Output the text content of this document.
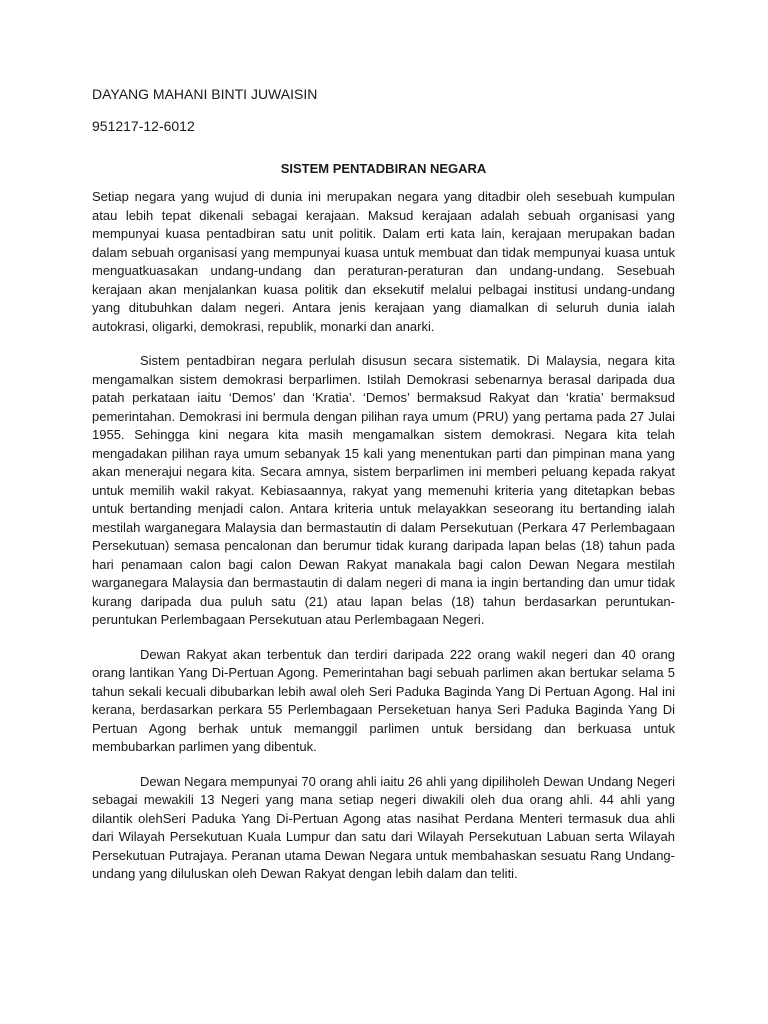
DAYANG MAHANI BINTI JUWAISIN

951217-12-6012

SISTEM PENTADBIRAN NEGARA

Setiap negara yang wujud di dunia ini merupakan negara yang ditadbir oleh sesebuah kumpulan atau lebih tepat dikenali sebagai kerajaan. Maksud kerajaan adalah sebuah organisasi yang mempunyai kuasa pentadbiran satu unit politik. Dalam erti kata lain, kerajaan merupakan badan dalam sebuah organisasi yang mempunyai kuasa untuk membuat dan tidak mempunyai kuasa untuk menguatkuasakan undang-undang dan peraturan-peraturan dan undang-undang. Sesebuah kerajaan akan menjalankan kuasa politik dan eksekutif melalui pelbagai institusi undang-undang yang ditubuhkan dalam negeri. Antara jenis kerajaan yang diamalkan di seluruh dunia ialah autokrasi, oligarki, demokrasi, republik, monarki dan anarki.

Sistem pentadbiran negara perlulah disusun secara sistematik. Di Malaysia, negara kita mengamalkan sistem demokrasi berparlimen. Istilah Demokrasi sebenarnya berasal daripada dua patah perkataan iaitu ‘Demos’ dan ‘Kratia’. ‘Demos’ bermaksud Rakyat dan ‘kratia’ bermaksud pemerintahan. Demokrasi ini bermula dengan pilihan raya umum (PRU) yang pertama pada 27 Julai 1955. Sehingga kini negara kita masih mengamalkan sistem demokrasi. Negara kita telah mengadakan pilihan raya umum sebanyak 15 kali yang menentukan parti dan pimpinan mana yang akan menerajui negara kita. Secara amnya, sistem berparlimen ini memberi peluang kepada rakyat untuk memilih wakil rakyat. Kebiasaannya, rakyat yang memenuhi kriteria yang ditetapkan bebas untuk bertanding menjadi calon. Antara kriteria untuk melayakkan seseorang itu bertanding ialah mestilah warganegara Malaysia dan bermastautin di dalam Persekutuan (Perkara 47 Perlembagaan Persekutuan) semasa pencalonan dan berumur tidak kurang daripada lapan belas (18) tahun pada hari penamaan calon bagi calon Dewan Rakyat manakala bagi calon Dewan Negara mestilah warganegara Malaysia dan bermastautin di dalam negeri di mana ia ingin bertanding dan umur tidak kurang daripada dua puluh satu (21) atau lapan belas (18) tahun berdasarkan peruntukan-peruntukan Perlembagaan Persekutuan atau Perlembagaan Negeri.

Dewan Rakyat akan terbentuk dan terdiri daripada 222 orang wakil negeri dan 40 orang orang lantikan Yang Di-Pertuan Agong. Pemerintahan bagi sebuah parlimen akan bertukar selama 5 tahun sekali kecuali dibubarkan lebih awal oleh Seri Paduka Baginda Yang Di Pertuan Agong. Hal ini kerana, berdasarkan perkara 55 Perlembagaan Perseketuan hanya Seri Paduka Baginda Yang Di Pertuan Agong berhak untuk memanggil parlimen untuk bersidang dan berkuasa untuk membubarkan parlimen yang dibentuk.

Dewan Negara mempunyai 70 orang ahli iaitu 26 ahli yang dipiliholeh Dewan Undang Negeri sebagai mewakili 13 Negeri yang mana setiap negeri diwakili oleh dua orang ahli. 44 ahli yang dilantik olehSeri Paduka Yang Di-Pertuan Agong atas nasihat Perdana Menteri termasuk dua ahli dari Wilayah Persekutuan Kuala Lumpur dan satu dari Wilayah Persekutuan Labuan serta Wilayah Persekutuan Putrajaya. Peranan utama Dewan Negara untuk membahaskan sesuatu Rang Undang-undang yang diluluskan oleh Dewan Rakyat dengan lebih dalam dan teliti.
